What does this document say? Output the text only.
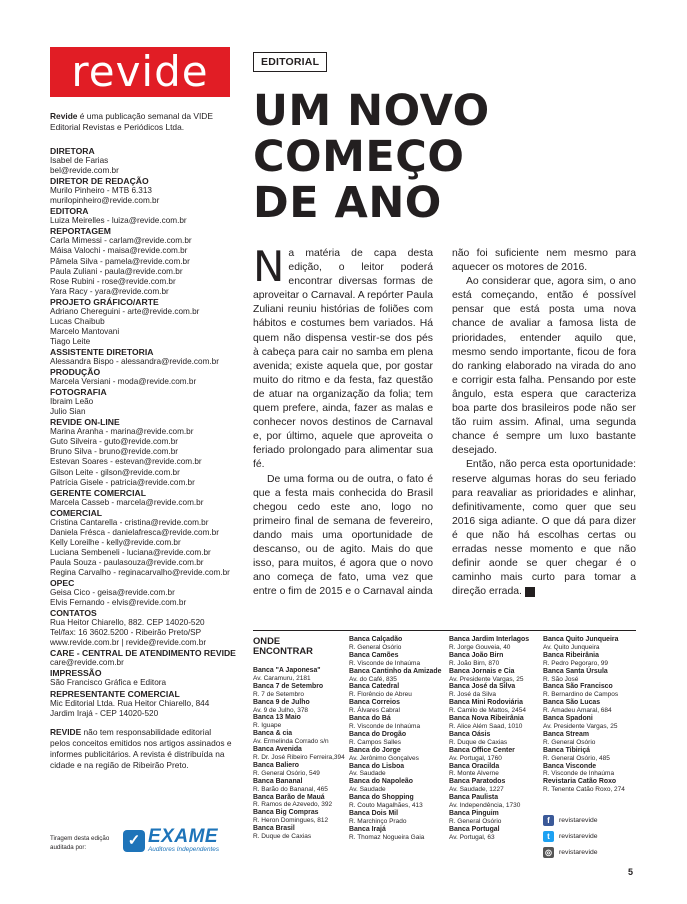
revide
Revide é uma publicação semanal da VIDE Editorial Revistas e Periódicos Ltda.
DIRETORA
Isabel de Farias
bel@revide.com.br
DIRETOR DE REDAÇÃO
Murilo Pinheiro - MTB 6.313
murilopinheiro@revide.com.br
EDITORA
Luiza Meirelles - luiza@revide.com.br
REPORTAGEM
Carla Mimessi - carlam@revide.com.br
Máisa Valochi - maisa@revide.com.br
Pâmela Silva - pamela@revide.com.br
Paula Zuliani - paula@revide.com.br
Rose Rubini - rose@revide.com.br
Yara Racy - yara@revide.com.br
PROJETO GRÁFICO/ARTE
Adriano Chereguini - arte@revide.com.br
Lucas Chaibub
Marcelo Mantovani
Tiago Leite
ASSISTENTE DIRETORIA
Alessandra Bispo - alessandra@revide.com.br
PRODUÇÃO
Marcela Versiani - moda@revide.com.br
FOTOGRAFIA
Ibraim Leão
Julio Sian
REVIDE ON-LINE
Marina Aranha - marina@revide.com.br
Guto Silveira - guto@revide.com.br
Bruno Silva - bruno@revide.com.br
Estevan Soares - estevan@revide.com.br
Gilson Leite - gilson@revide.com.br
Patrícia Gisele - patricia@revide.com.br
GERENTE COMERCIAL
Marcela Casseb - marcela@revide.com.br
COMERCIAL
Cristina Cantarella - cristina@revide.com.br
Daniela Frésca - danielafresca@revide.com.br
Kelly Loreilhe - kelly@revide.com.br
Luciana Sembeneli - luciana@revide.com.br
Paula Souza - paulasouza@revide.com.br
Regina Carvalho - reginacarvalho@revide.com.br
OPEC
Geisa Cico - geisa@revide.com.br
Elvis Fernando - elvis@revide.com.br
CONTATOS
Rua Heitor Chiarello, 882. CEP 14020-520
Tel/fax: 16 3602.5200 - Ribeirão Preto/SP
www.revide.com.br | revide@revide.com.br
CARE - CENTRAL DE ATENDIMENTO REVIDE
care@revide.com.br
IMPRESSÃO
São Francisco Gráfica e Editora
REPRESENTANTE COMERCIAL
Mic Editorial Ltda. Rua Heitor Chiarello, 844
Jardim Irajá - CEP 14020-520
REVIDE não tem responsabilidade editorial pelos conceitos emitidos nos artigos assinados e informes publicitários. A revista é distribuída na cidade e na região de Ribeirão Preto.
Tiragem desta edição auditada por:	✓ EXAME
Auditores Independentes
EDITORIAL
UM NOVO
COMEÇO
DE ANO

Na matéria de capa desta edição, o leitor poderá encontrar diversas formas de aproveitar o Carnaval. A repórter Paula Zuliani reuniu histórias de foliões com hábitos e costumes bem variados. Há quem não dispensa vestir-se dos pés à cabeça para cair no samba em plena avenida; existe aquela que, por gostar muito do ritmo e da festa, faz questão de atuar na organização da folia; tem quem prefere, ainda, fazer as malas e conhecer novos destinos de Carnaval e, por último, aquele que aproveita o feriado prolongado para alimentar sua fé.

De uma forma ou de outra, o fato é que a festa mais conhecida do Brasil chegou cedo este ano, logo no primeiro final de semana de fevereiro, dando mais uma oportunidade de descanso, ou de agito. Mais do que isso, para muitos, é agora que o novo ano começa de fato, uma vez que entre o fim de 2015 e o Carnaval ainda

não foi suficiente nem mesmo para aquecer os motores de 2016.

Ao considerar que, agora sim, o ano está começando, então é possível pensar que está posta uma nova chance de avaliar a famosa lista de prioridades, entender aquilo que, mesmo sendo importante, ficou de fora do ranking elaborado na virada do ano e corrigir esta falha. Pensando por este ângulo, esta espera que caracteriza boa parte dos brasileiros pode não ser tão ruim assim. Afinal, uma segunda chance é sempre um luxo bastante desejado.

Então, não perca esta oportunidade: reserve algumas horas do seu feriado para reavaliar as prioridades e alinhar, definitivamente, como quer que seu 2016 siga adiante. O que dá para dizer é que não há escolhas certas ou erradas nesse momento e que não definir aonde se quer chegar é o caminho mais curto para tomar a direção errada. r

ONDE ENCONTRAR
Banca "A Japonesa"
Av. Caramuru, 2181
Banca 7 de Setembro
R. 7 de Setembro
Banca 9 de Julho
Av. 9 de Julho, 378
Banca 13 Maio
R. Iguape
Banca & cia
Av. Ermelinda Corrado s/n
Banca Avenida
R. Dr. José Ribeiro Ferreira,394
Banca Baliero
R. General Osório, 549
Banca Bananal
R. Barão do Bananal, 465
Banca Barão de Mauá
R. Ramos de Azevedo, 392
Banca Big Compras
R. Heron Domingues, 812
Banca Brasil
R. Duque de Caxias
Banca Calçadão
R. General Osório
Banca Camões
R. Visconde de Inhaúma
Banca Cantinho da Amizade
Av. do Café, 835
Banca Catedral
R. Florêncio de Abreu
Banca Correios
R. Álvares Cabral
Banca do Bá
R. Visconde de Inhaúma
Banca do Drogão
R. Campos Salles
Banca do Jorge
Av. Jerônimo Gonçalves
Banca do Lisboa
Av. Saudade
Banca do Napoleão
Av. Saudade
Banca do Shopping
R. Couto Magalhães, 413
Banca Dois Mil
R. Marchinço Prado
Banca Irajá
R. Thomaz Nogueira Gaia
Banca Jardim Interlagos
R. Jorge Gouveia, 40
Banca João Birn
R. João Birn, 870
Banca Jornais e Cia
Av. Presidente Vargas, 25
Banca José da Silva
R. José da Silva
Banca Mini Rodoviária
R. Camilo de Mattos, 2454
Banca Nova Ribeirânia
R. Alice Além Saad, 1010
Banca Oásis
R. Duque de Caxias
Banca Office Center
Av. Portugal, 1760
Banca Oracilda
R. Monte Alverne
Banca Paratodos
Av. Saudade, 1227
Banca Paulista
Av. Independência, 1730
Banca Pinguim
R. General Osório
Banca Portugal
Av. Portugal, 63
Banca Quito Junqueira
Av. Quito Junqueira
Banca Ribeirânia
R. Pedro Pegoraro, 99
Banca Santa Úrsula
R. São José
Banca São Francisco
R. Bernardino de Campos
Banca São Lucas
R. Amadeu Amaral, 684
Banca Spadoni
Av. Presidente Vargas, 25
Banca Stream
R. General Osório
Banca Tibiriçá
R. General Osório, 485
Banca Visconde
R. Visconde de Inhaúma
Revistaria Catão Roxo
R. Tenente Catão Roxo, 274
f	revistarevide
t	revistarevide
◎ revistarevide
5
